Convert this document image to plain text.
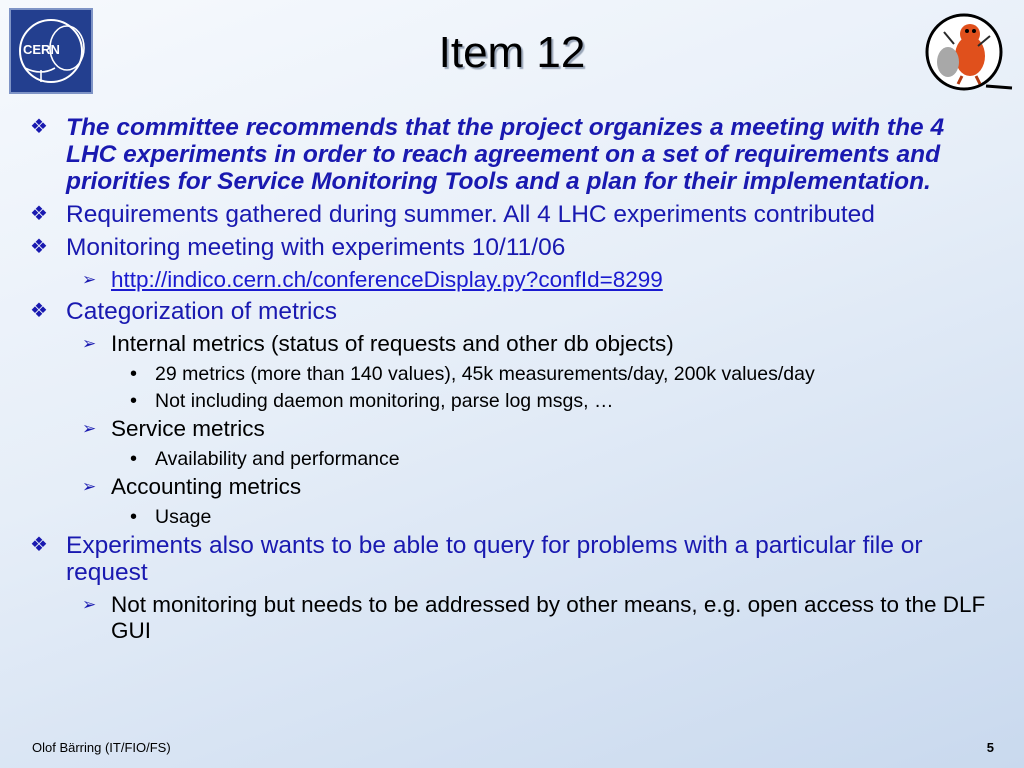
CERN	Item 12
❖ The committee recommends that the project organizes a meeting with the 4 LHC experiments in order to reach agreement on a set of requirements and priorities for Service Monitoring Tools and a plan for their implementation.
❖ Requirements gathered during summer. All 4 LHC experiments contributed
❖ Monitoring meeting with experiments 10/11/06
➢ http://indico.cern.ch/conferenceDisplay.py?confId=8299
❖ Categorization of metrics
➢ Internal metrics (status of requests and other db objects)
• 29 metrics (more than 140 values), 45k measurements/day, 200k values/day
• Not including daemon monitoring, parse log msgs, …
➢ Service metrics
• Availability and performance
➢ Accounting metrics
• Usage
❖ Experiments also wants to be able to query for problems with a particular file or request
➢ Not monitoring but needs to be addressed by other means, e.g. open access to the DLF GUI
Olof Bärring (IT/FIO/FS)	5
